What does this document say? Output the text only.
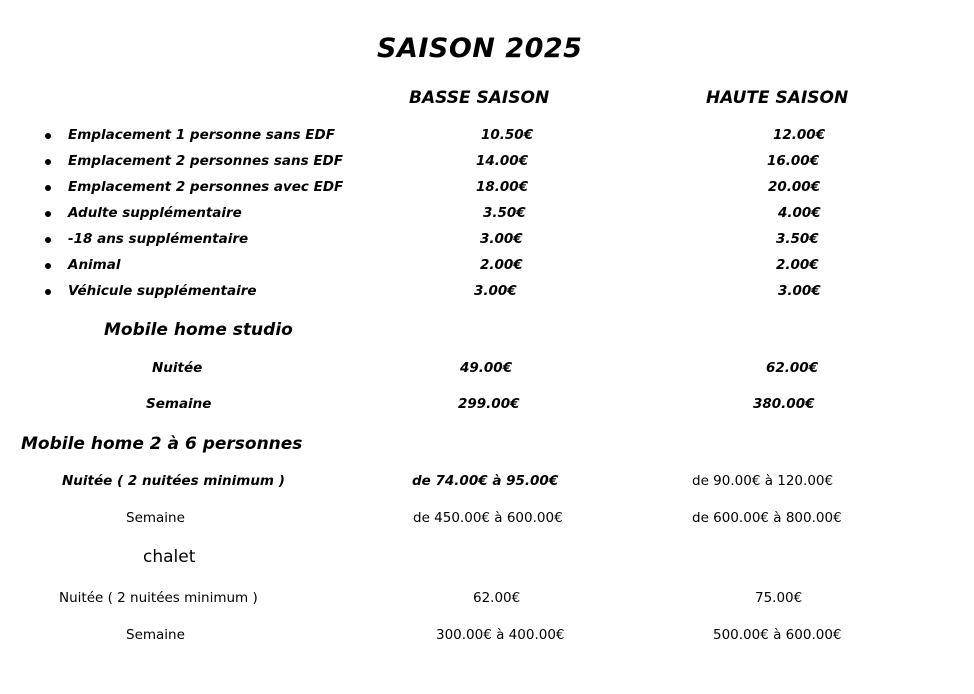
SAISON 2025
BASSE SAISON	HAUTE SAISON
Emplacement 1 personne sans EDF	10.50€	12.00€
Emplacement 2 personnes sans EDF	14.00€	16.00€
Emplacement 2 personnes avec EDF	18.00€	20.00€
Adulte supplémentaire	3.50€	4.00€
-18 ans supplémentaire	3.00€	3.50€
Animal	2.00€	2.00€
Véhicule supplémentaire	3.00€	3.00€
Mobile home studio
Nuitée	49.00€	62.00€
Semaine	299.00€	380.00€
Mobile home 2 à 6 personnes
Nuitée ( 2 nuitées minimum )	de 74.00€ à 95.00€	de 90.00€ à 120.00€
Semaine	de 450.00€ à 600.00€	de 600.00€ à 800.00€
chalet
Nuitée ( 2 nuitées minimum )	62.00€	75.00€
Semaine	300.00€ à 400.00€	500.00€ à 600.00€
